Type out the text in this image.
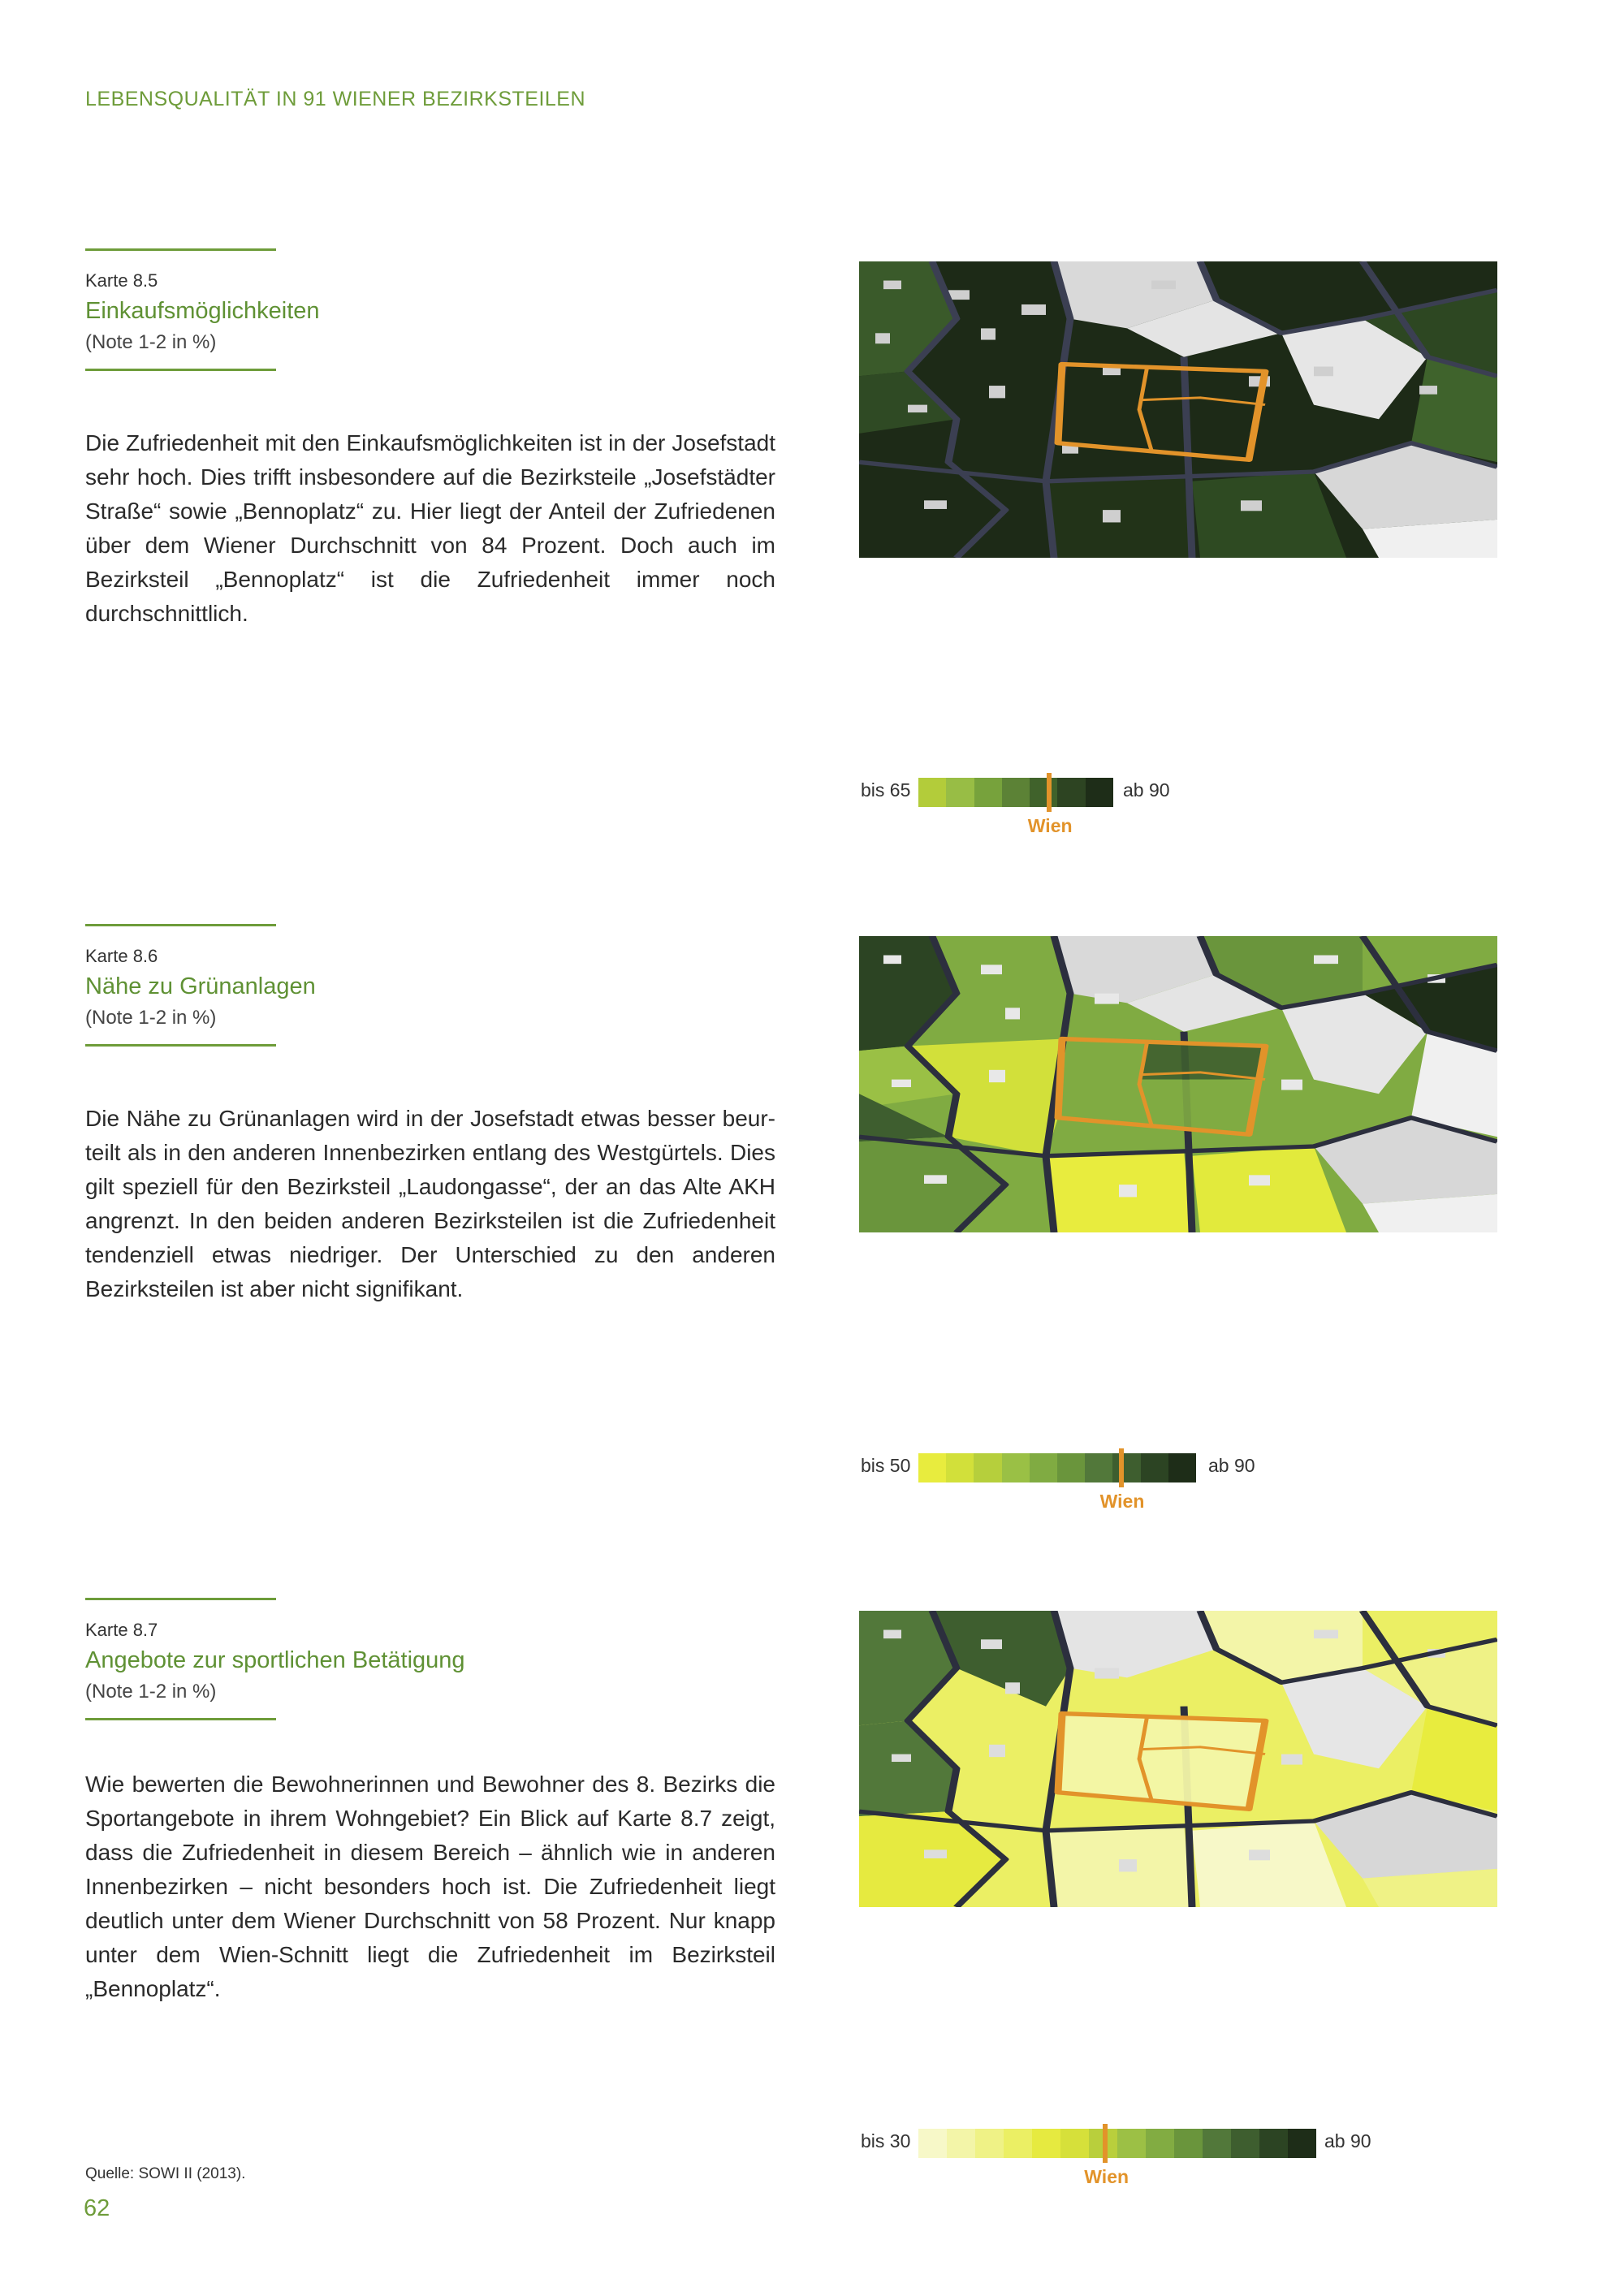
LEBENSQUALITÄT IN 91 WIENER BEZIRKSTEILEN
Karte 8.5
Einkaufsmöglichkeiten
(Note 1-2 in %)
Die Zufriedenheit mit den Einkaufsmöglichkeiten ist in der Josefstadt sehr hoch. Dies trifft insbesondere auf die Bezirksteile „Josefstädter Straße“ sowie „Bennoplatz“ zu. Hier liegt der Anteil der Zufriedenen über dem Wiener Durchschnitt von 84 Prozent. Doch auch im Bezirksteil „Bennoplatz“ ist die Zufriedenheit immer noch durchschnittlich.
bis 65	ab 90
Wien
Karte 8.6
Nähe zu Grünanlagen
(Note 1-2 in %)
Die Nähe zu Grünanlagen wird in der Josefstadt etwas besser beurteilt als in den anderen Innenbezirken entlang des Westgürtels. Dies gilt speziell für den Bezirksteil „Laudongasse“, der an das Alte AKH angrenzt. In den beiden anderen Bezirksteilen ist die Zufriedenheit tendenziell etwas niedriger. Der Unterschied zu den anderen Bezirksteilen ist aber nicht signifikant.
bis 50	ab 90
Wien
Karte 8.7
Angebote zur sportlichen Betätigung
(Note 1-2 in %)
Wie bewerten die Bewohnerinnen und Bewohner des 8. Bezirks die Sportangebote in ihrem Wohngebiet? Ein Blick auf Karte 8.7 zeigt, dass die Zufriedenheit in diesem Bereich – ähnlich wie in anderen Innenbezirken – nicht besonders hoch ist. Die Zufriedenheit liegt deutlich unter dem Wiener Durchschnitt von 58 Prozent. Nur knapp unter dem Wien-Schnitt liegt die Zufriedenheit im Bezirksteil „Bennoplatz“.
bis 30	ab 90
Wien
Quelle: SOWI II (2013).
62
